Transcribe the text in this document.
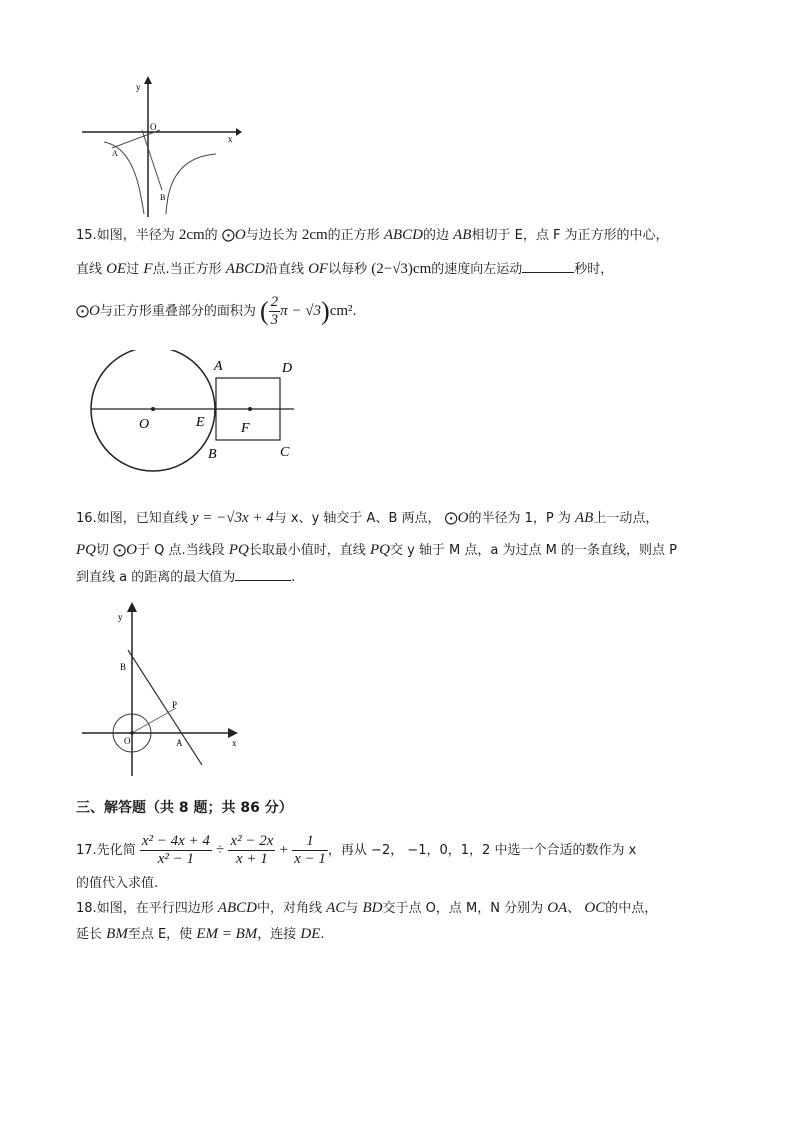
y
x
O
A
B
15.如图，半径为 2cm的 ⨀O与边长为 2cm的正方形 ABCD的边 AB相切于 E，点 F 为正方形的中心，
直线 OE过 F点.当正方形 ABCD沿直线 OF以每秒 (2−√3)cm的速度向左运动	秒时，
⨀O与正方形重叠部分的面积为 ( $\frac{2}{3}$ π − √3)cm².
A	D
O	E	F
B	C
16.如图，已知直线 y = −√3x + 4与 x、y 轴交于 A、B 两点， ⨀O的半径为 1，P 为 AB上一动点，
PQ切 ⨀O于 Q 点.当线段 PQ长取最小值时，直线 PQ交 y 轴于 M 点，a 为过点 M 的一条直线，则点 P
到直线 a 的距离的最大值为	.
y
x
B
P
A
O
三、解答题（共 8 题；共 86 分）
17.先化简 $\frac{\text{x² − 4x + 4}}{\text{x² − 1}} \div \frac{\text{x² − 2x}}{x + 1} + \frac{1}{x - 1}$ ，再从 −2， −1，0，1，2 中选一个合适的数作为 x
的值代入求值.
18.如图，在平行四边形 ABCD中，对角线 AC与 BD交于点 O，点 M，N 分别为 OA、 OC的中点，
延长 BM至点 E，使 EM = BM，连接 DE.
